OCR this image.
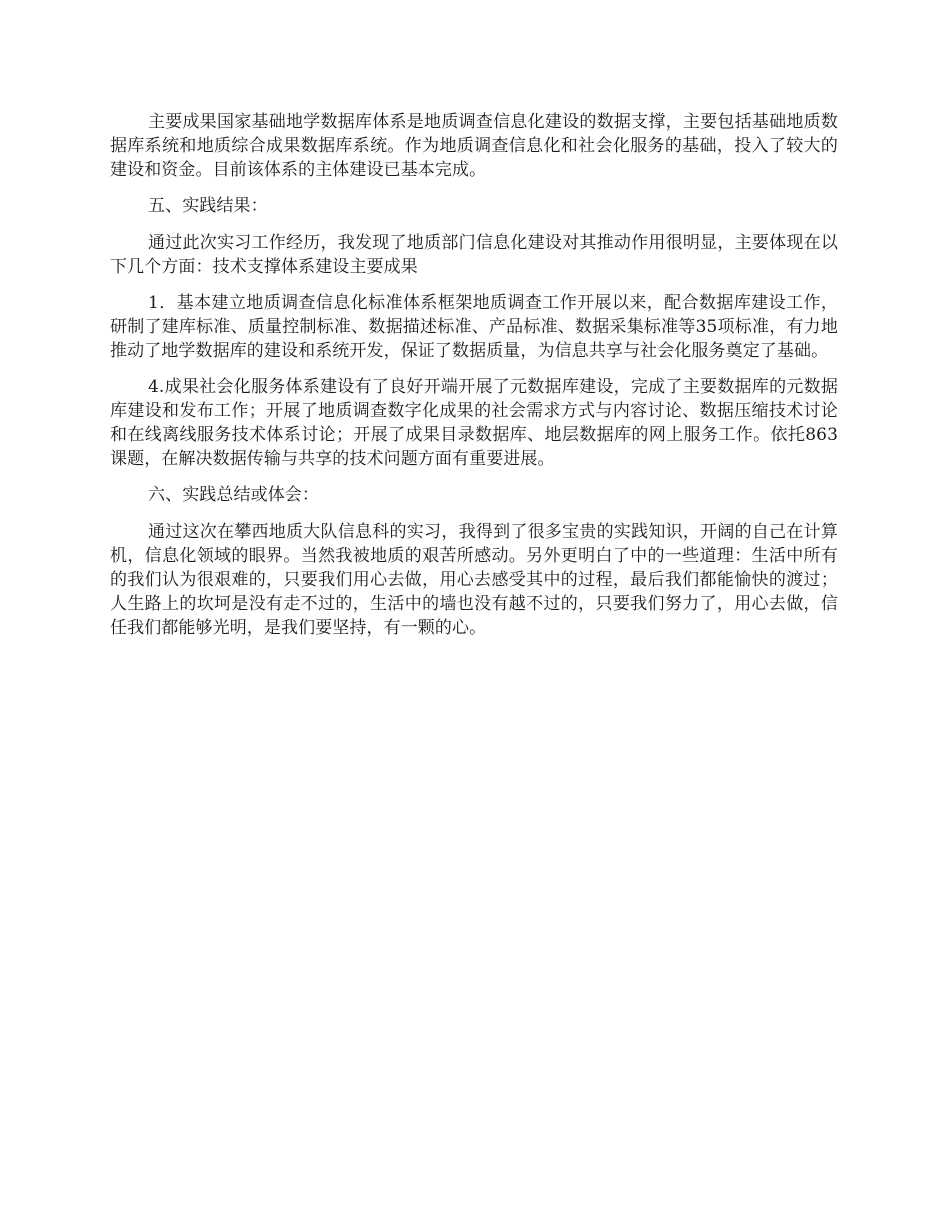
主要成果国家基础地学数据库体系是地质调查信息化建设的数据支撑，主要包括基础地质数据库系统和地质综合成果数据库系统。作为地质调查信息化和社会化服务的基础，投入了较大的建设和资金。目前该体系的主体建设已基本完成。

五、实践结果：

通过此次实习工作经历，我发现了地质部门信息化建设对其推动作用很明显，主要体现在以下几个方面：技术支撑体系建设主要成果

1．基本建立地质调查信息化标准体系框架地质调查工作开展以来，配合数据库建设工作，研制了建库标准、质量控制标准、数据描述标准、产品标准、数据采集标准等35项标准，有力地推动了地学数据库的建设和系统开发，保证了数据质量，为信息共享与社会化服务奠定了基础。

4.成果社会化服务体系建设有了良好开端开展了元数据库建设，完成了主要数据库的元数据库建设和发布工作；开展了地质调查数字化成果的社会需求方式与内容讨论、数据压缩技术讨论和在线离线服务技术体系讨论；开展了成果目录数据库、地层数据库的网上服务工作。依托863课题，在解决数据传输与共享的技术问题方面有重要进展。

六、实践总结或体会：

通过这次在攀西地质大队信息科的实习，我得到了很多宝贵的实践知识，开阔的自己在计算机，信息化领域的眼界。当然我被地质的艰苦所感动。另外更明白了中的一些道理：生活中所有的我们认为很艰难的，只要我们用心去做，用心去感受其中的过程，最后我们都能愉快的渡过；人生路上的坎坷是没有走不过的，生活中的墙也没有越不过的，只要我们努力了，用心去做，信任我们都能够光明，是我们要坚持，有一颗的心。
